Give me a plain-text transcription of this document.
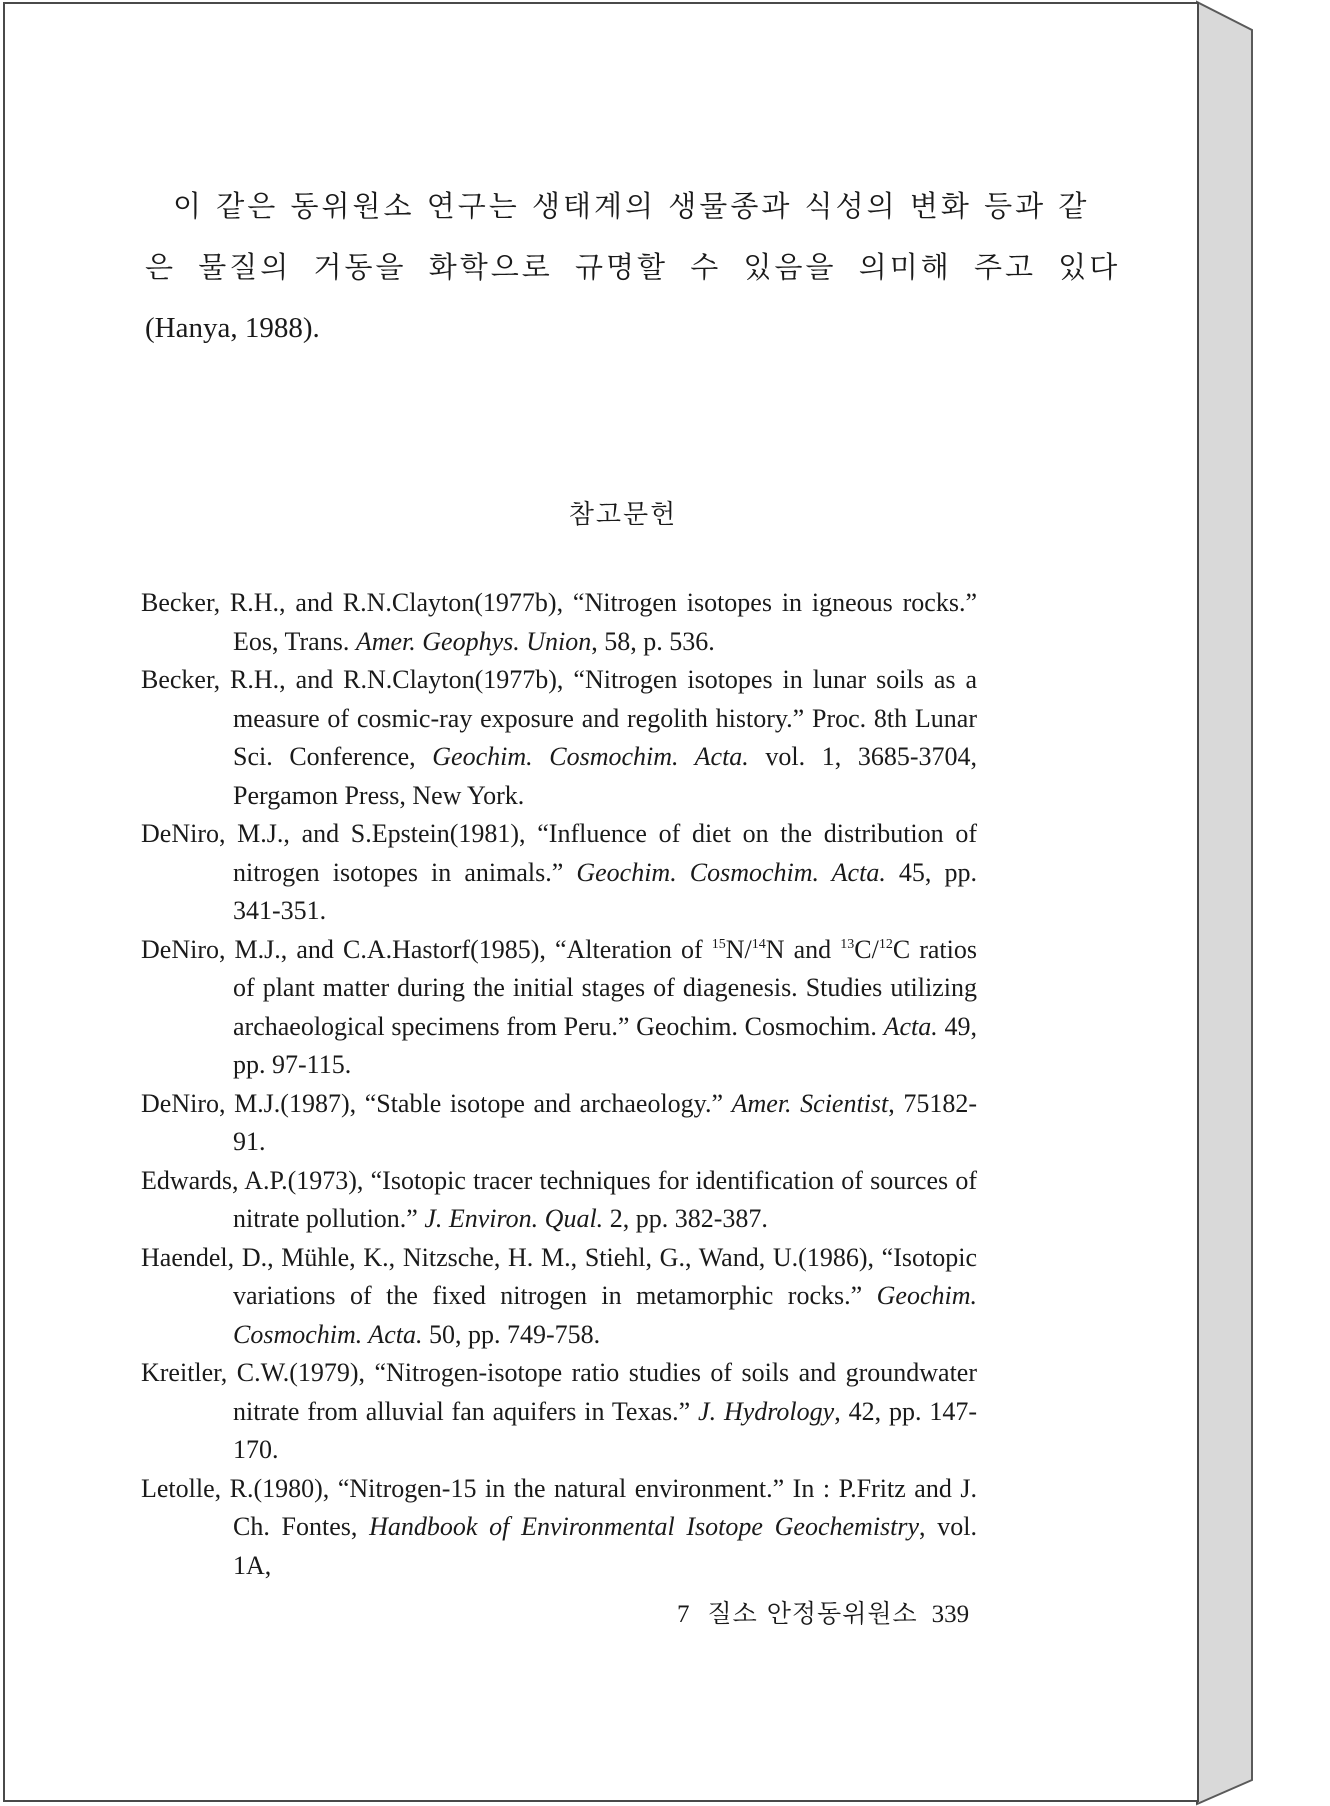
이 같은 동위원소 연구는 생태계의 생물종과 식성의 변화 등과 같
은 물질의 거동을 화학으로 규명할 수 있음을 의미해 주고 있다
(Hanya, 1988).
참고문헌

Becker, R.H., and R.N.Clayton(1977b), “Nitrogen isotopes in igneous rocks.” Eos, Trans. Amer. Geophys. Union, 58, p. 536.

Becker, R.H., and R.N.Clayton(1977b), “Nitrogen isotopes in lunar soils as a measure of cosmic-ray exposure and regolith history.” Proc. 8th Lunar Sci. Conference, Geochim. Cosmochim. Acta. vol. 1, 3685-3704, Pergamon Press, New York.

DeNiro, M.J., and S.Epstein(1981), “Influence of diet on the distribution of nitrogen isotopes in animals.” Geochim. Cosmochim. Acta. 45, pp. 341-351.

DeNiro, M.J., and C.A.Hastorf(1985), “Alteration of $^{15}$N/$^{14}$N and $^{13}$C/$^{12}$C ratios of plant matter during the initial stages of diagenesis. Studies utilizing archaeological specimens from Peru.” Geochim. Cosmochim. Acta. 49, pp. 97-115.

DeNiro, M.J.(1987), “Stable isotope and archaeology.” Amer. Scientist, 75182-91.

Edwards, A.P.(1973), “Isotopic tracer techniques for identification of sources of nitrate pollution.” J. Environ. Qual. 2, pp. 382-387.

Haendel, D., Mühle, K., Nitzsche, H. M., Stiehl, G., Wand, U.(1986), “Isotopic variations of the fixed nitrogen in metamorphic rocks.” Geochim. Cosmochim. Acta. 50, pp. 749-758.

Kreitler, C.W.(1979), “Nitrogen-isotope ratio studies of soils and groundwater nitrate from alluvial fan aquifers in Texas.” J. Hydrology, 42, pp. 147-170.

Letolle, R.(1980), “Nitrogen-15 in the natural environment.” In : P.Fritz and J. Ch. Fontes, Handbook of Environmental Isotope Geochemistry, vol. 1A,

7 질소 안정동위원소 339
